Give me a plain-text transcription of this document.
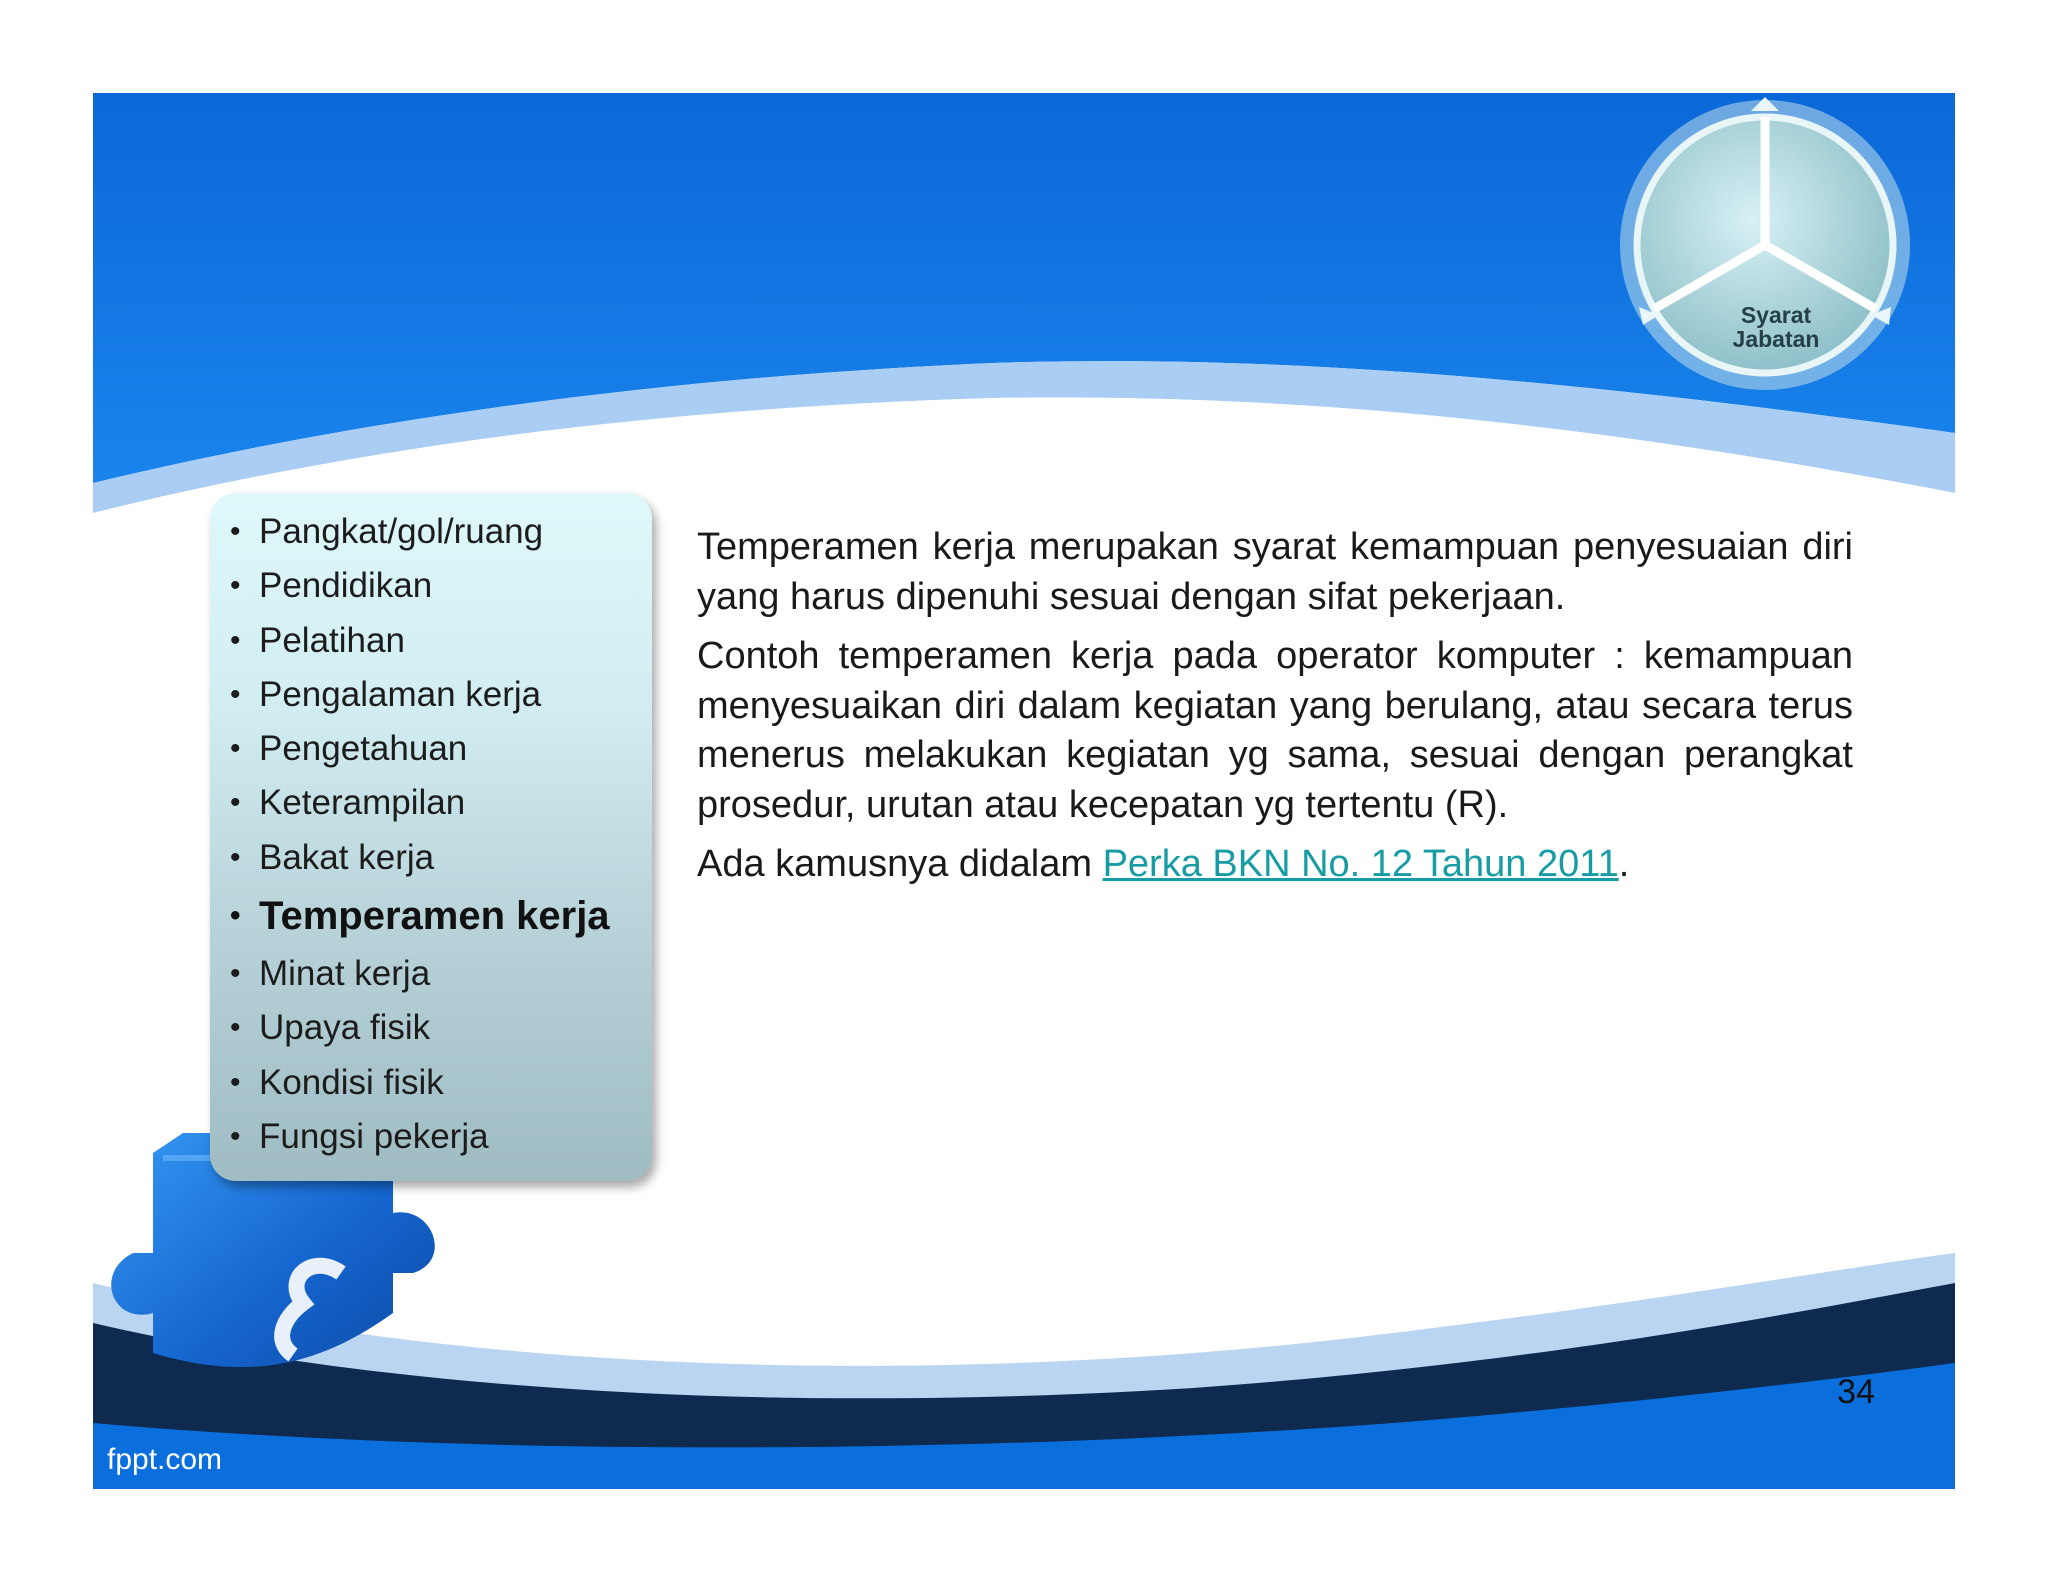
Syarat
Jabatan
• Pangkat/gol/ruang
• Pendidikan
• Pelatihan
• Pengalaman kerja
• Pengetahuan
• Keterampilan
• Bakat kerja
• Temperamen kerja
• Minat kerja
• Upaya fisik
• Kondisi fisik
• Fungsi pekerja

Temperamen kerja merupakan syarat kemampuan penyesuaian diri yang harus dipenuhi sesuai dengan sifat pekerjaan.

Contoh temperamen kerja pada operator komputer : kemampuan menyesuaikan diri dalam kegiatan yang berulang, atau secara terus menerus melakukan kegiatan yg sama, sesuai dengan perangkat prosedur, urutan atau kecepatan yg tertentu (R).

Ada kamusnya didalam Perka BKN No. 12 Tahun 2011.

34
fppt.com
